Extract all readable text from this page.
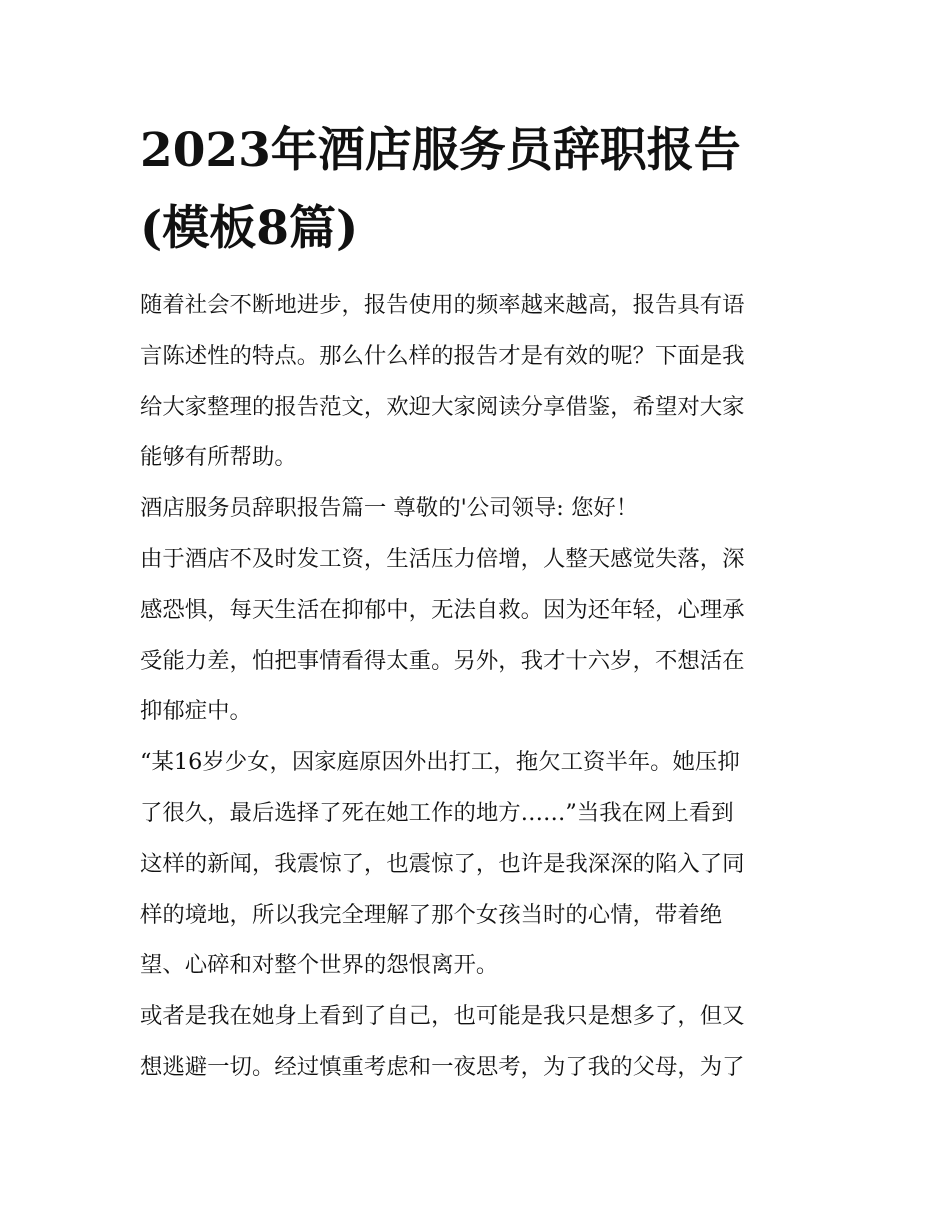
2023年酒店服务员辞职报告
(模板8篇)
随着社会不断地进步，报告使用的频率越来越高，报告具有语
言陈述性的特点。那么什么样的报告才是有效的呢？下面是我
给大家整理的报告范文，欢迎大家阅读分享借鉴，希望对大家
能够有所帮助。
酒店服务员辞职报告篇一 尊敬的'公司领导: 您好！
由于酒店不及时发工资，生活压力倍增，人整天感觉失落，深
感恐惧，每天生活在抑郁中，无法自救。因为还年轻，心理承
受能力差，怕把事情看得太重。另外，我才十六岁，不想活在
抑郁症中。
“某16岁少女，因家庭原因外出打工，拖欠工资半年。她压抑
了很久，最后选择了死在她工作的地方……”当我在网上看到
这样的新闻，我震惊了，也震惊了，也许是我深深的陷入了同
样的境地，所以我完全理解了那个女孩当时的心情，带着绝
望、心碎和对整个世界的怨恨离开。
或者是我在她身上看到了自己，也可能是我只是想多了，但又
想逃避一切。经过慎重考虑和一夜思考，为了我的父母，为了
